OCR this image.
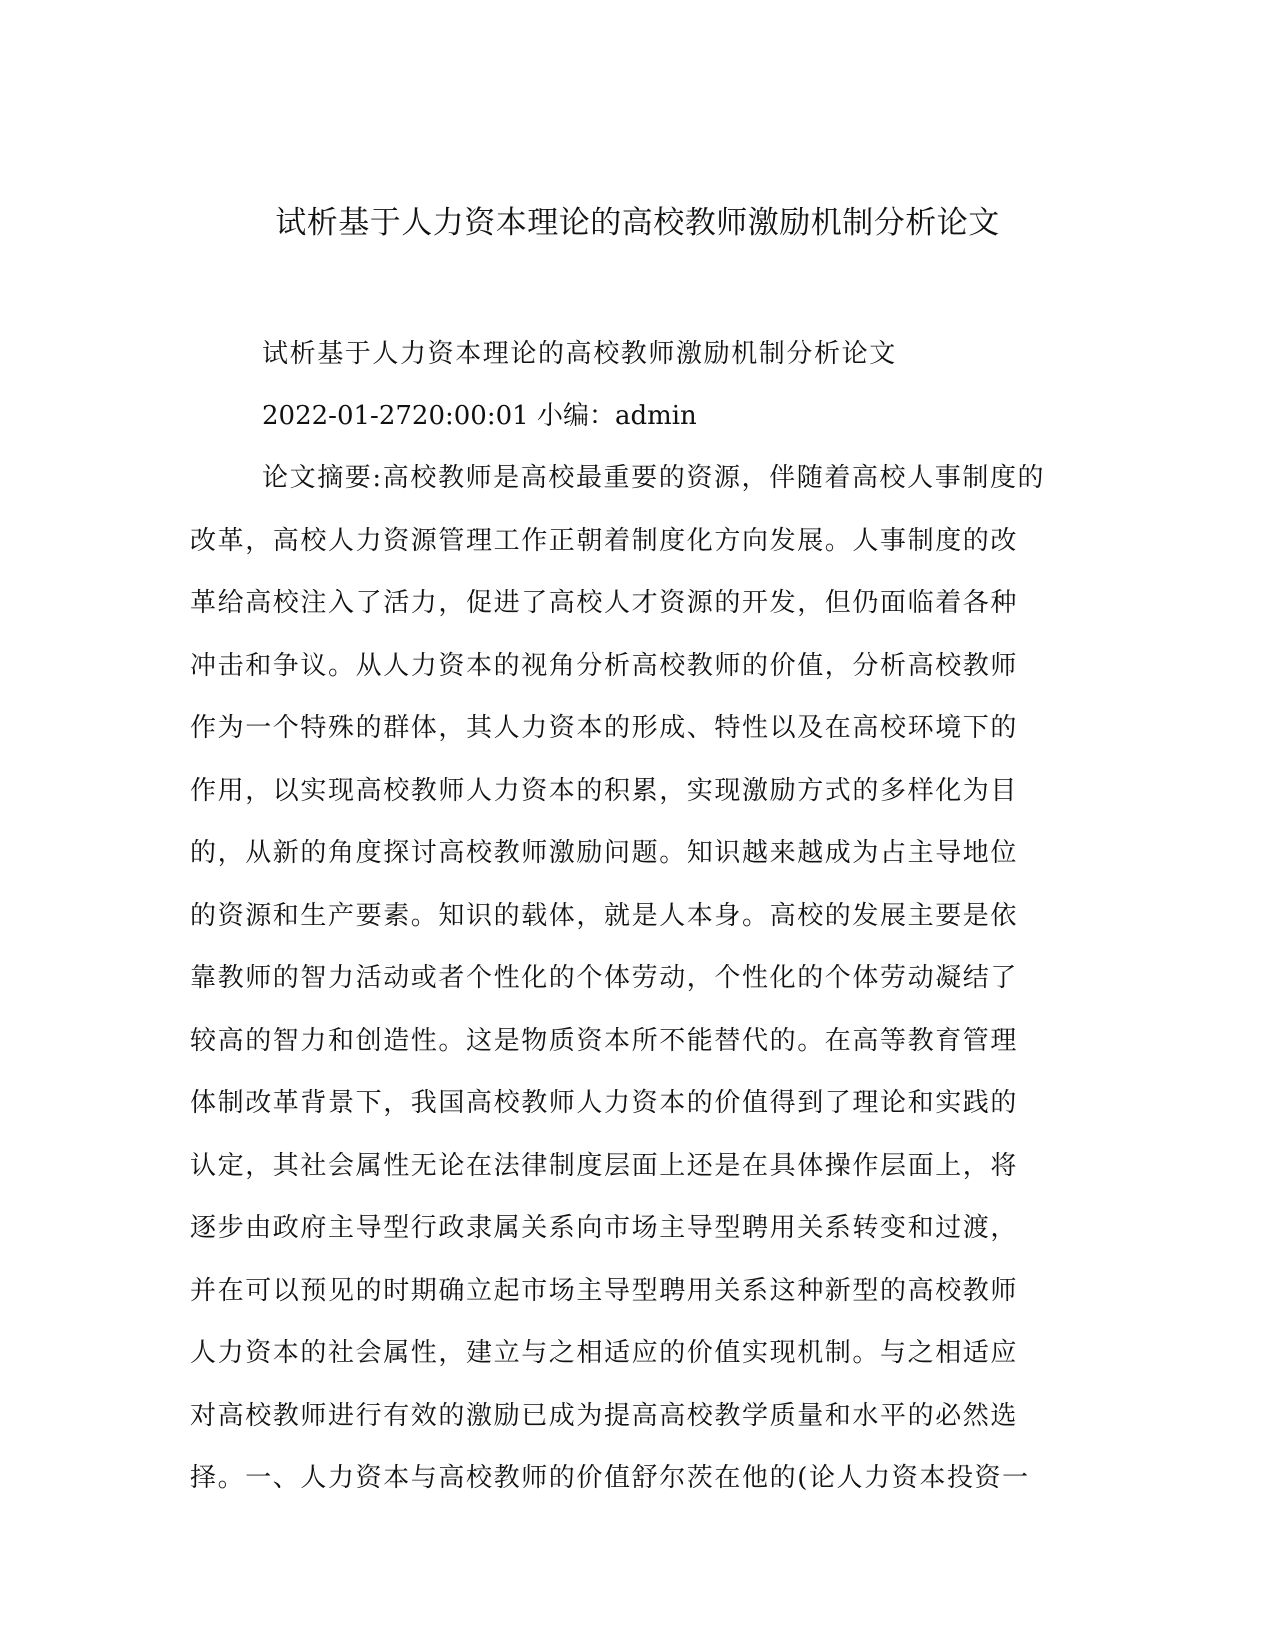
试析基于人力资本理论的高校教师激励机制分析论文

试析基于人力资本理论的高校教师激励机制分析论文

2022-01-2720:00:01 小编：admin

论文摘要:高校教师是高校最重要的资源，伴随着高校人事制度的
改革，高校人力资源管理工作正朝着制度化方向发展。人事制度的改
革给高校注入了活力，促进了高校人才资源的开发，但仍面临着各种
冲击和争议。从人力资本的视角分析高校教师的价值，分析高校教师
作为一个特殊的群体，其人力资本的形成、特性以及在高校环境下的
作用，以实现高校教师人力资本的积累，实现激励方式的多样化为目
的，从新的角度探讨高校教师激励问题。知识越来越成为占主导地位
的资源和生产要素。知识的载体，就是人本身。高校的发展主要是依
靠教师的智力活动或者个性化的个体劳动，个性化的个体劳动凝结了
较高的智力和创造性。这是物质资本所不能替代的。在高等教育管理
体制改革背景下，我国高校教师人力资本的价值得到了理论和实践的
认定，其社会属性无论在法律制度层面上还是在具体操作层面上，将
逐步由政府主导型行政隶属关系向市场主导型聘用关系转变和过渡，
并在可以预见的时期确立起市场主导型聘用关系这种新型的高校教师
人力资本的社会属性，建立与之相适应的价值实现机制。与之相适应
对高校教师进行有效的激励已成为提高高校教学质量和水平的必然选
择。一、人力资本与高校教师的价值舒尔茨在他的(论人力资本投资一
